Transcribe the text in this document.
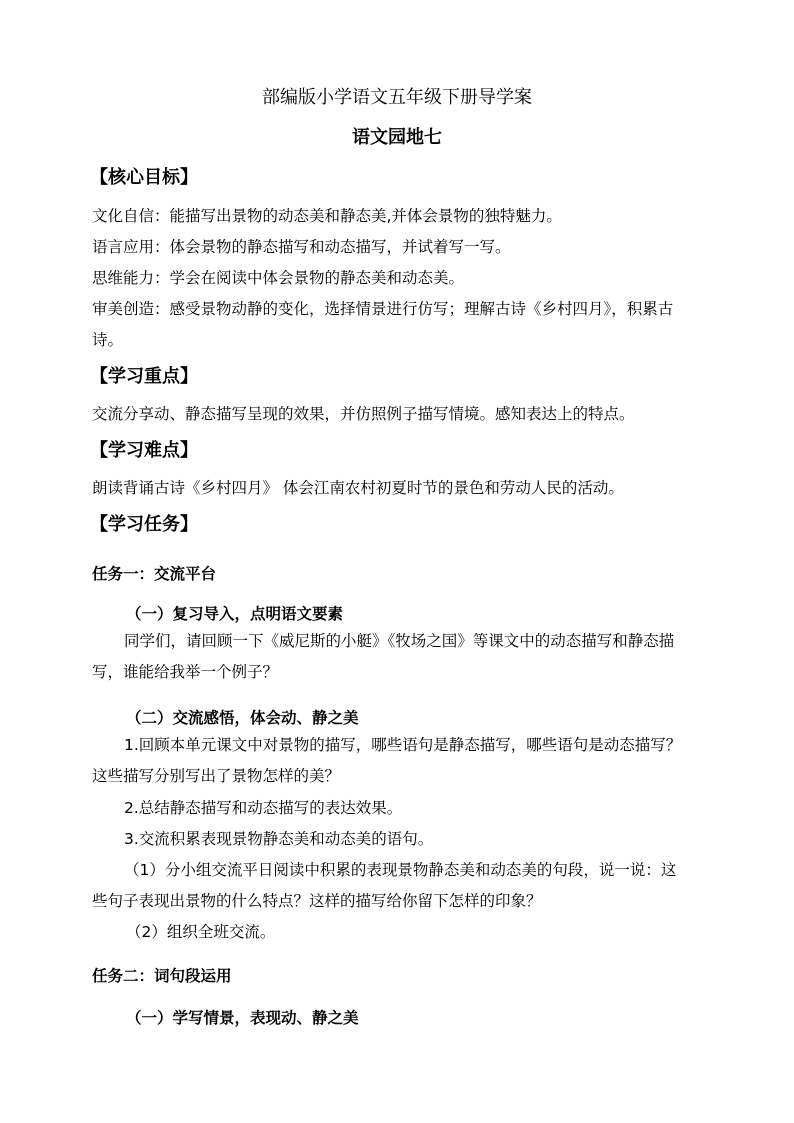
部编版小学语文五年级下册导学案
语文园地七
【核心目标】
文化自信：能描写出景物的动态美和静态美,并体会景物的独特魅力。
语言应用：体会景物的静态描写和动态描写，并试着写一写。
思维能力：学会在阅读中体会景物的静态美和动态美。
审美创造：感受景物动静的变化，选择情景进行仿写；理解古诗《乡村四月》，积累古
诗。
【学习重点】
交流分享动、静态描写呈现的效果，并仿照例子描写情境。感知表达上的特点。
【学习难点】
朗读背诵古诗《乡村四月》 体会江南农村初夏时节的景色和劳动人民的活动。
【学习任务】
任务一：交流平台
（一）复习导入，点明语文要素
同学们，请回顾一下《威尼斯的小艇》《牧场之国》等课文中的动态描写和静态描
写，谁能给我举一个例子？
（二）交流感悟，体会动、静之美
1.回顾本单元课文中对景物的描写，哪些语句是静态描写，哪些语句是动态描写？
这些描写分别写出了景物怎样的美？
2.总结静态描写和动态描写的表达效果。
3.交流积累表现景物静态美和动态美的语句。
（1）分小组交流平日阅读中积累的表现景物静态美和动态美的句段，说一说：这
些句子表现出景物的什么特点？这样的描写给你留下怎样的印象？
（2）组织全班交流。
任务二：词句段运用
（一）学写情景，表现动、静之美
